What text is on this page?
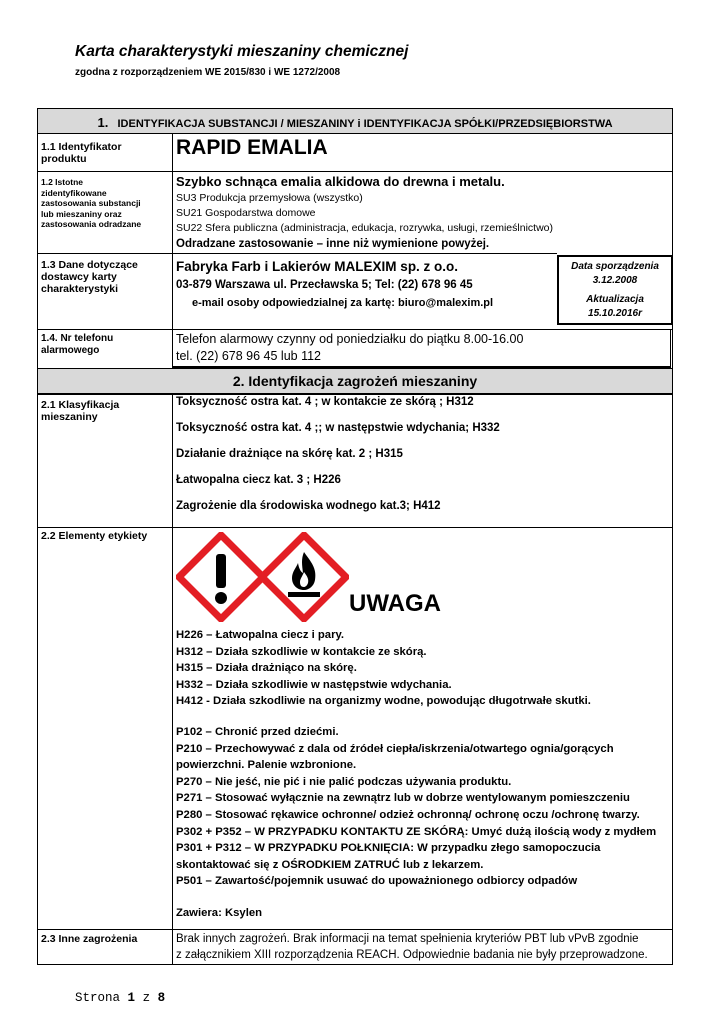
Karta charakterystyki mieszaniny chemicznej
zgodna z rozporządzeniem WE 2015/830 i WE 1272/2008
1. IDENTYFIKACJA SUBSTANCJI / MIESZANINY i IDENTYFIKACJA SPÓŁKI/PRZEDSIĘBIORSTWA
1.1 Identyfikator
produktu	RAPID EMALIA
1.2 Istotne
zidentyfikowane
zastosowania substancji
lub mieszaniny oraz
zastosowania odradzane
Szybko schnąca emalia alkidowa do drewna i metalu.
SU3 Produkcja przemysłowa (wszystko)
SU21 Gospodarstwa domowe
SU22 Sfera publiczna (administracja, edukacja, rozrywka, usługi, rzemieślnictwo)
Odradzane zastosowanie – inne niż wymienione powyżej.
1.3 Dane dotyczące
dostawcy karty
charakterystyki
Fabryka Farb i Lakierów MALEXIM sp. z o.o.
03-879 Warszawa ul. Przecławska 5; Tel: (22) 678 96 45
e-mail osoby odpowiedzialnej za kartę: biuro@malexim.pl
Data sporządzenia
3.12.2008
Aktualizacja
15.10.2016r
1.4. Nr telefonu
alarmowego
Telefon alarmowy czynny od poniedziałku do piątku 8.00-16.00
tel. (22) 678 96 45 lub 112
2. Identyfikacja zagrożeń mieszaniny
2.1 Klasyfikacja
mieszaniny
Toksyczność ostra kat. 4 ; w kontakcie ze skórą ; H312
Toksyczność ostra kat. 4 ;; w następstwie wdychania; H332
Działanie drażniące na skórę kat. 2 ; H315
Łatwopalna ciecz kat. 3 ; H226
Zagrożenie dla środowiska wodnego kat.3; H412
2.2 Elementy etykiety
UWAGA
H226 – Łatwopalna ciecz i pary.
H312 – Działa szkodliwie w kontakcie ze skórą.
H315 – Działa drażniąco na skórę.
H332 – Działa szkodliwie w następstwie wdychania.
H412 - Działa szkodliwie na organizmy wodne, powodując długotrwałe skutki.
P102 – Chronić przed dziećmi.
P210 – Przechowywać z dala od źródeł ciepła/iskrzenia/otwartego ognia/gorących
powierzchni. Palenie wzbronione.
P270 – Nie jeść, nie pić i nie palić podczas używania produktu.
P271 – Stosować wyłącznie na zewnątrz lub w dobrze wentylowanym pomieszczeniu
P280 – Stosować rękawice ochronne/ odzież ochronną/ ochronę oczu /ochronę twarzy.
P302 + P352 – W PRZYPADKU KONTAKTU ZE SKÓRĄ: Umyć dużą ilością wody z mydłem
P301 + P312 – W PRZYPADKU POŁKNIĘCIA: W przypadku złego samopoczucia
skontaktować się z OŚRODKIEM ZATRUĆ lub z lekarzem.
P501 – Zawartość/pojemnik usuwać do upoważnionego odbiorcy odpadów
Zawiera: Ksylen
2.3 Inne zagrożenia	Brak innych zagrożeń. Brak informacji na temat spełnienia kryteriów PBT lub vPvB zgodnie
z załącznikiem XIII rozporządzenia REACH. Odpowiednie badania nie były przeprowadzone.
Strona 1 z 8
